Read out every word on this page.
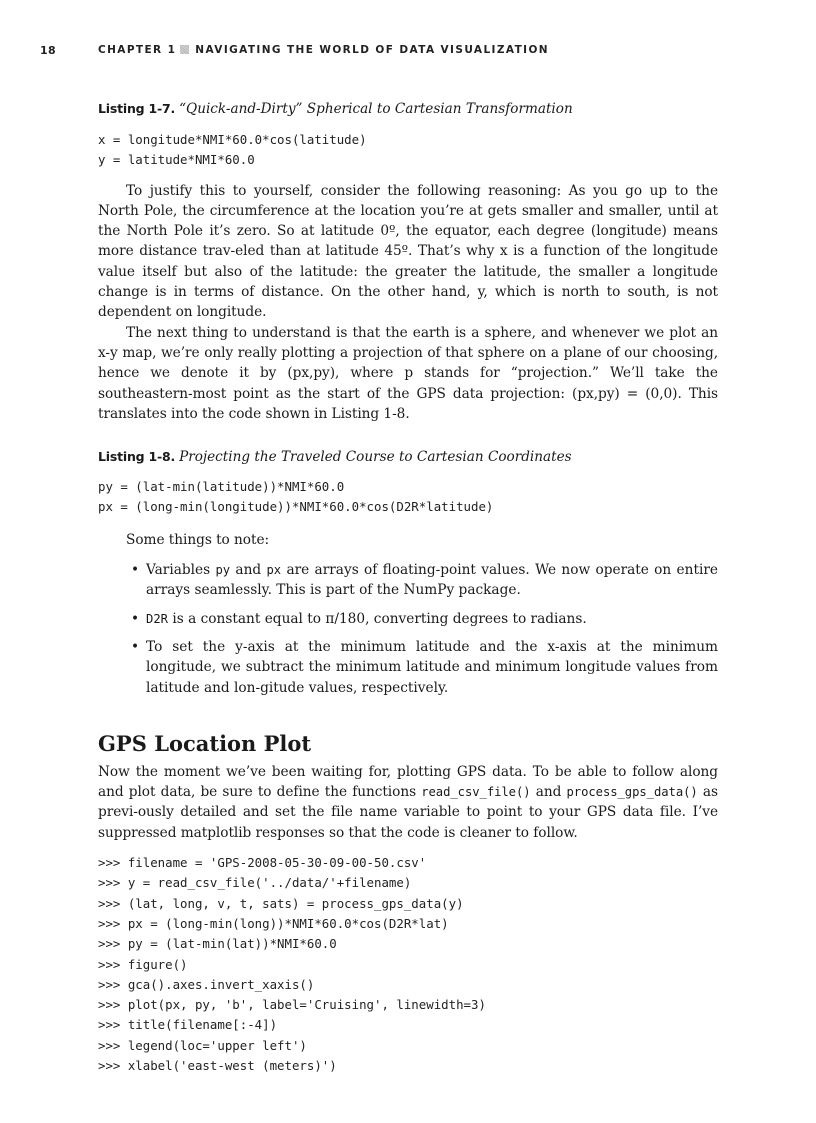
18	CHAPTER 1 NAVIGATING THE WORLD OF DATA VISUALIZATION
Listing 1-7. “Quick-and-Dirty” Spherical to Cartesian Transformation
x = longitude*NMI*60.0*cos(latitude)
y = latitude*NMI*60.0

To justify this to yourself, consider the following reasoning: As you go up to the North Pole, the circumference at the location you’re at gets smaller and smaller, until at the North Pole it’s zero. So at latitude 0º, the equator, each degree (longitude) means more distance trav-eled than at latitude 45º. That’s why x is a function of the longitude value itself but also of the latitude: the greater the latitude, the smaller a longitude change is in terms of distance. On the other hand, y, which is north to south, is not dependent on longitude.

The next thing to understand is that the earth is a sphere, and whenever we plot an x-y map, we’re only really plotting a projection of that sphere on a plane of our choosing, hence we denote it by (px,py), where p stands for “projection.” We’ll take the southeastern-most point as the start of the GPS data projection: (px,py) = (0,0). This translates into the code shown in Listing 1-8.

Listing 1-8. Projecting the Traveled Course to Cartesian Coordinates
py = (lat-min(latitude))*NMI*60.0
px = (long-min(longitude))*NMI*60.0*cos(D2R*latitude)

Some things to note:

• Variables py and px are arrays of floating-point values. We now operate on entire arrays seamlessly. This is part of the NumPy package.
• D2R is a constant equal to π/180, converting degrees to radians.
• To set the y-axis at the minimum latitude and the x-axis at the minimum longitude, we subtract the minimum latitude and minimum longitude values from latitude and lon-gitude values, respectively.
GPS Location Plot

Now the moment we’ve been waiting for, plotting GPS data. To be able to follow along and plot data, be sure to define the functions read_csv_file() and process_gps_data() as previ-ously detailed and set the file name variable to point to your GPS data file. I’ve suppressed matplotlib responses so that the code is cleaner to follow.

>>> filename = 'GPS-2008-05-30-09-00-50.csv'
>>> y = read_csv_file('../data/'+filename)
>>> (lat, long, v, t, sats) = process_gps_data(y)
>>> px = (long-min(long))*NMI*60.0*cos(D2R*lat)
>>> py = (lat-min(lat))*NMI*60.0
>>> figure()
>>> gca().axes.invert_xaxis()
>>> plot(px, py, 'b', label='Cruising', linewidth=3)
>>> title(filename[:-4])
>>> legend(loc='upper left')
>>> xlabel('east-west (meters)')
